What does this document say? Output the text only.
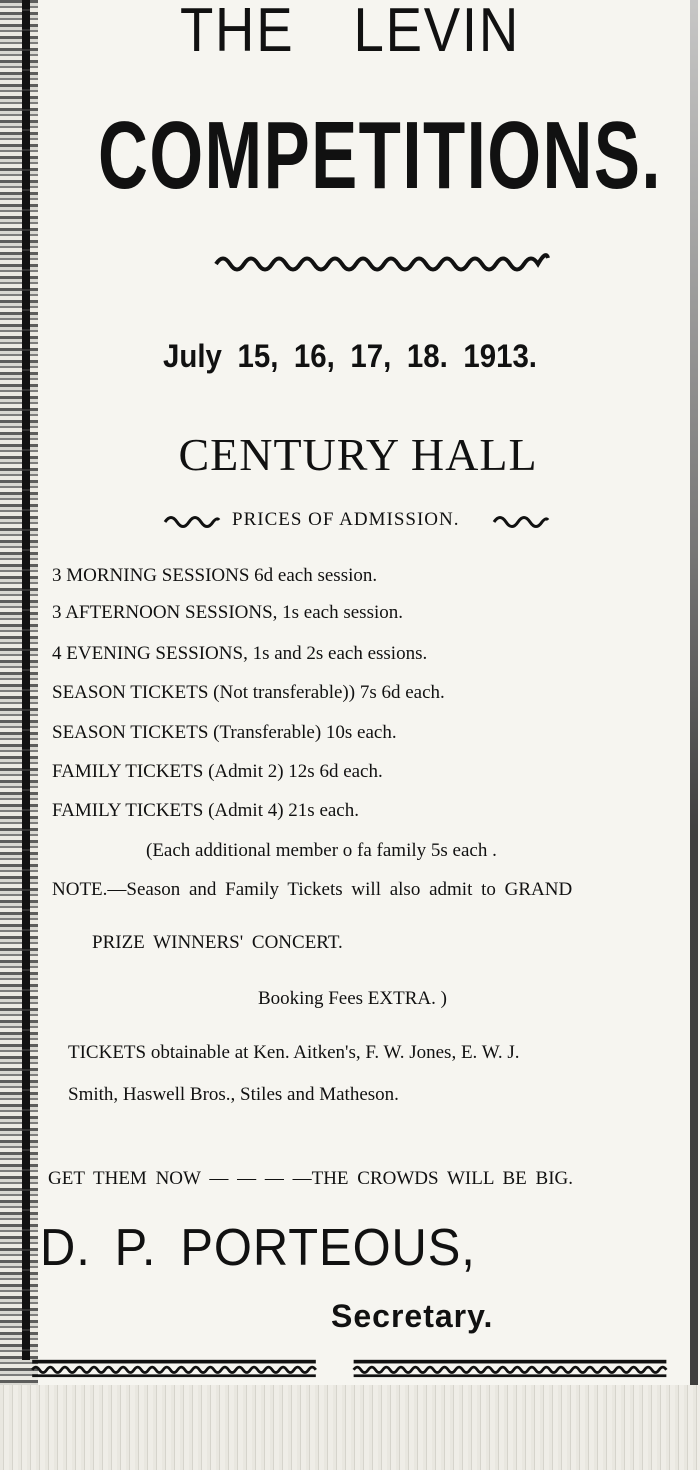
THE LEVIN
COMPETITIONS.
July 15, 16, 17, 18. 1913.
CENTURY HALL
PRICES OF ADMISSION.
3 MORNING SESSIONS 6d each session.
3 AFTERNOON SESSIONS, 1s each session.
4 EVENING SESSIONS, 1s and 2s each essions.
SEASON TICKETS (Not transferable)) 7s 6d each.
SEASON TICKETS (Transferable) 10s each.
FAMILY TICKETS (Admit 2) 12s 6d each.
FAMILY TICKETS (Admit 4) 21s each.
(Each additional member o fa family 5s each .
NOTE.—Season and Family Tickets will also admit to GRAND
PRIZE WINNERS' CONCERT.
Booking Fees EXTRA. )
TICKETS obtainable at Ken. Aitken's, F. W. Jones, E. W. J.
Smith, Haswell Bros., Stiles and Matheson.
GET THEM NOW — — — —THE CROWDS WILL BE BIG.
D. P. PORTEOUS,
Secretary.
